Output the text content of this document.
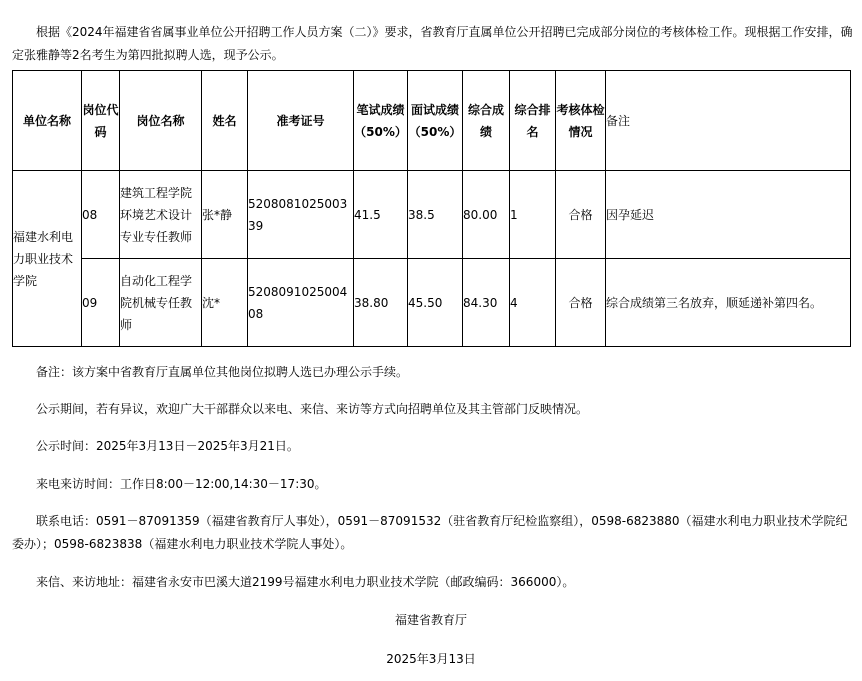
根据《2024年福建省省属事业单位公开招聘工作人员方案（二）》要求，省教育厅直属单位公开招聘已完成部分岗位的考核体检工作。现根据工作安排，确定张雅静等2名考生为第四批拟聘人选，现予公示。
单位名称	岗位代码	岗位名称	姓名	准考证号	笔试成绩（50%）	面试成绩（50%）	综合成绩	综合排名	考核体检情况	备注
福建水利电力职业技术学院	08	建筑工程学院环境艺术设计专业专任教师	张*静	520808102500339	41.5	38.5	80.00	1	合格	因孕延迟
	09	自动化工程学院机械专任教师	沈*	520809102500408	38.80	45.50	84.30	4	合格	综合成绩第三名放弃，顺延递补第四名。
备注：该方案中省教育厅直属单位其他岗位拟聘人选已办理公示手续。
公示期间，若有异议，欢迎广大干部群众以来电、来信、来访等方式向招聘单位及其主管部门反映情况。
公示时间：2025年3月13日－2025年3月21日。
来电来访时间：工作日8:00－12:00,14:30－17:30。
联系电话：0591－87091359（福建省教育厅人事处），0591－87091532（驻省教育厅纪检监察组），0598-6823880（福建水利电力职业技术学院纪委办）；0598-6823838（福建水利电力职业技术学院人事处）。
来信、来访地址：福建省永安市巴溪大道2199号福建水利电力职业技术学院（邮政编码：366000）。
福建省教育厅
2025年3月13日
